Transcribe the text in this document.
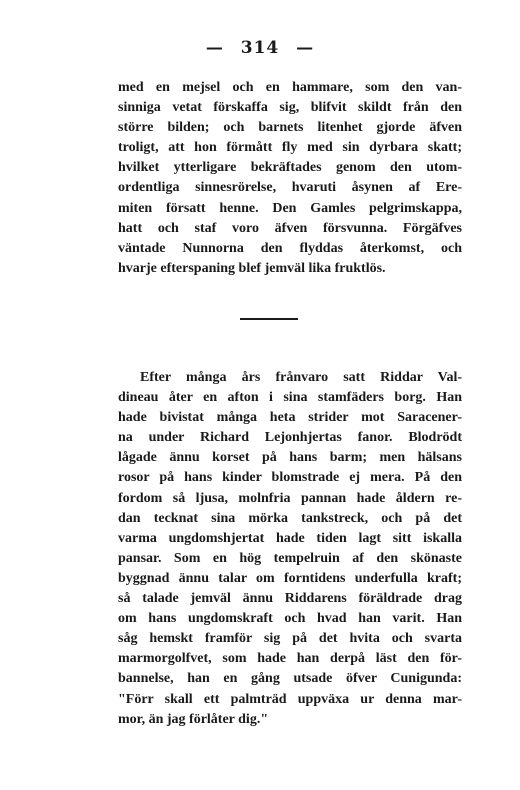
— 314 —
med en mejsel och en hammare, som den van-
sinniga vetat förskaffa sig, blifvit skildt från den
större bilden; och barnets litenhet gjorde äfven
troligt, att hon förmått fly med sin dyrbara skatt;
hvilket ytterligare bekräftades genom den utom-
ordentliga sinnesrörelse, hvaruti åsynen af Ere-
miten försatt henne. Den Gamles pelgrimskappa,
hatt och staf voro äfven försvunna. Förgäfves
väntade Nunnorna den flyddas återkomst, och
hvarje efterspaning blef jemväl lika fruktlös.
Efter många års frånvaro satt Riddar Val-
dineau åter en afton i sina stamfäders borg. Han
hade bivistat många heta strider mot Saracener-
na under Richard Lejonhjertas fanor. Blodrödt
lågade ännu korset på hans barm; men hälsans
rosor på hans kinder blomstrade ej mera. På den
fordom så ljusa, molnfria pannan hade åldern re-
dan tecknat sina mörka tankstreck, och på det
varma ungdomshjertat hade tiden lagt sitt iskalla
pansar. Som en hög tempelruin af den skönaste
byggnad ännu talar om forntidens underfulla kraft;
så talade jemväl ännu Riddarens föräldrade drag
om hans ungdomskraft och hvad han varit. Han
såg hemskt framför sig på det hvita och svarta
marmorgolfvet, som hade han derpå läst den för-
bannelse, han en gång utsade öfver Cunigunda:
"Förr skall ett palmträd uppväxa ur denna mar-
mor, än jag förlåter dig."
